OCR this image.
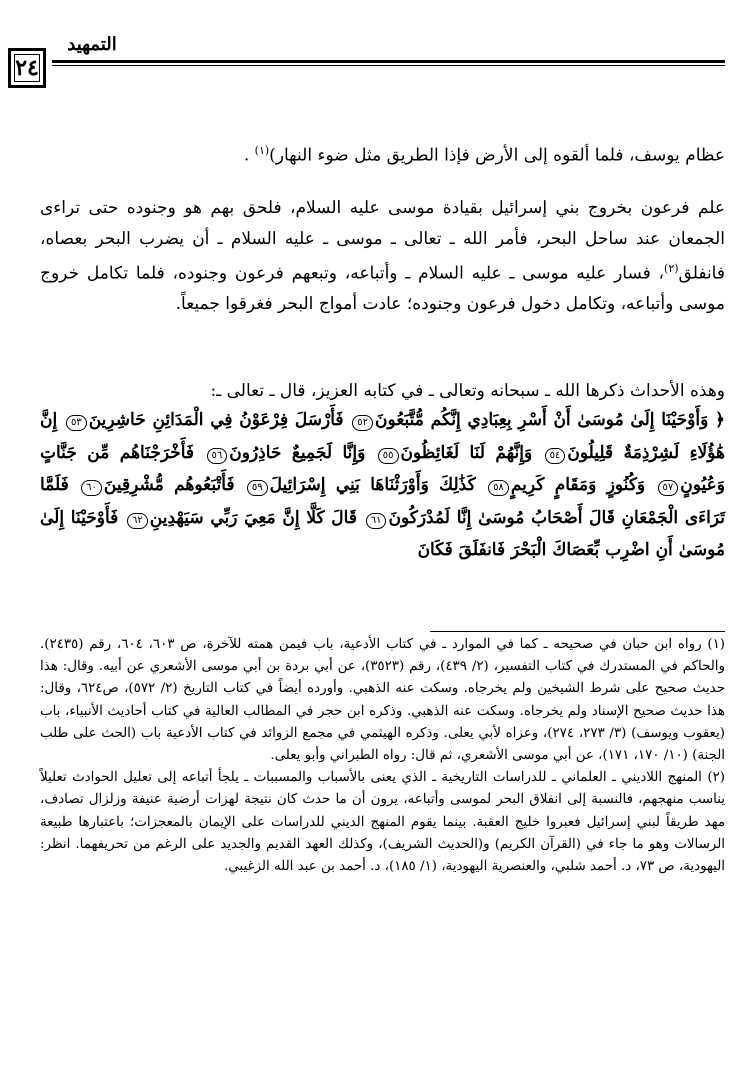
التمهيد
٢٤

عظام يوسف، فلما ألقوه إلى الأرض فإذا الطريق مثل ضوء النهار)$^{(١)}$ .

علم فرعون بخروج بني إسرائيل بقيادة موسى عليه السلام، فلحق بهم هو وجنوده حتى تراءى الجمعان عند ساحل البحر، فأمر الله ـ تعالى ـ موسى ـ عليه السلام ـ أن يضرب البحر بعصاه، فانفلق$^{(٢)}$، فسار عليه موسى ـ عليه السلام ـ وأتباعه، وتبعهم فرعون وجنوده، فلما تكامل خروج موسى وأتباعه، وتكامل دخول فرعون وجنوده؛ عادت أمواج البحر فغرقوا جميعاً.

وهذه الأحداث ذكرها الله ـ سبحانه وتعالى ـ في كتابه العزيز، قال ـ تعالى ـ:

﴿ وَأَوْحَيْنَا إِلَىٰ مُوسَىٰ أَنْ أَسْرِ بِعِبَادِي إِنَّكُم مُّتَّبَعُونَ٥٢ فَأَرْسَلَ فِرْعَوْنُ فِي الْمَدَائِنِ حَاشِرِينَ٥٣ إِنَّ هَٰؤُلَاءِ لَشِرْذِمَةٌ قَلِيلُونَ٥٤ وَإِنَّهُمْ لَنَا لَغَائِظُونَ٥٥ وَإِنَّا لَجَمِيعٌ حَاذِرُونَ٥٦ فَأَخْرَجْنَاهُم مِّن جَنَّاتٍ وَعُيُونٍ٥٧ وَكُنُوزٍ وَمَقَامٍ كَرِيمٍ٥٨ كَذَٰلِكَ وَأَوْرَثْنَاهَا بَنِي إِسْرَائِيلَ٥٩ فَأَتْبَعُوهُم مُّشْرِقِينَ٦٠ فَلَمَّا تَرَاءَى الْجَمْعَانِ قَالَ أَصْحَابُ مُوسَىٰ إِنَّا لَمُدْرَكُونَ٦١ قَالَ كَلَّا إِنَّ مَعِيَ رَبِّي سَيَهْدِينِ٦٢ فَأَوْحَيْنَا إِلَىٰ مُوسَىٰ أَنِ اضْرِب بِّعَصَاكَ الْبَحْرَ فَانفَلَقَ فَكَانَ

(١) رواه ابن حبان في صحيحه ـ كما في الموارد ـ في كتاب الأدعية، باب فيمن همته للآخرة، ص ٦٠٣، ٦٠٤، رقم (٢٤٣٥). والحاكم في المستدرك في كتاب التفسير، (٢/ ٤٣٩)، رقم (٣٥٢٣)، عن أبي بردة بن أبي موسى الأشعري عن أبيه. وقال: هذا حديث صحيح على شرط الشيخين ولم يخرجاه. وسكت عنه الذهبي. وأورده أيضاً في كتاب التاريخ (٢/ ٥٧٢)، ص٦٢٤، وقال: هذا حديث صحيح الإسناد ولم يخرجاه. وسكت عنه الذهبي. وذكره ابن حجر في المطالب العالية في كتاب أحاديث الأنبياء، باب (يعقوب ويوسف) (٣/ ٢٧٣، ٢٧٤)، وعزاه لأبي يعلى. وذكره الهيثمي في مجمع الزوائد في كتاب الأدعية باب (الحث على طلب الجنة) (١٠/ ١٧٠، ١٧١)، عن أبي موسى الأشعري، ثم قال: رواه الطبراني وأبو يعلى.

(٢) المنهج اللاديني ـ العلماني ـ للدراسات التاريخية ـ الذي يعنى بالأسباب والمسببات ـ يلجأ أتباعه إلى تعليل الحوادث تعليلاً يناسب منهجهم، فالنسبة إلى انفلاق البحر لموسى وأتباعه، يرون أن ما حدث كان نتيجة لهزات أرضية عنيفة وزلزال تصادف، مهد طريقاً لبني إسرائيل فعبروا خليج العقبة. بينما يقوم المنهج الديني للدراسات على الإيمان بالمعجزات؛ باعتبارها طبيعة الرسالات وهو ما جاء في (القرآن الكريم) و(الحديث الشريف)، وكذلك العهد القديم والجديد على الرغم من تحريفهما. انظر: اليهودية، ص ٧٣، د. أحمد شلبي، والعنصرية اليهودية، (١/ ١٨٥)، د. أحمد بن عبد الله الزغيبي.
